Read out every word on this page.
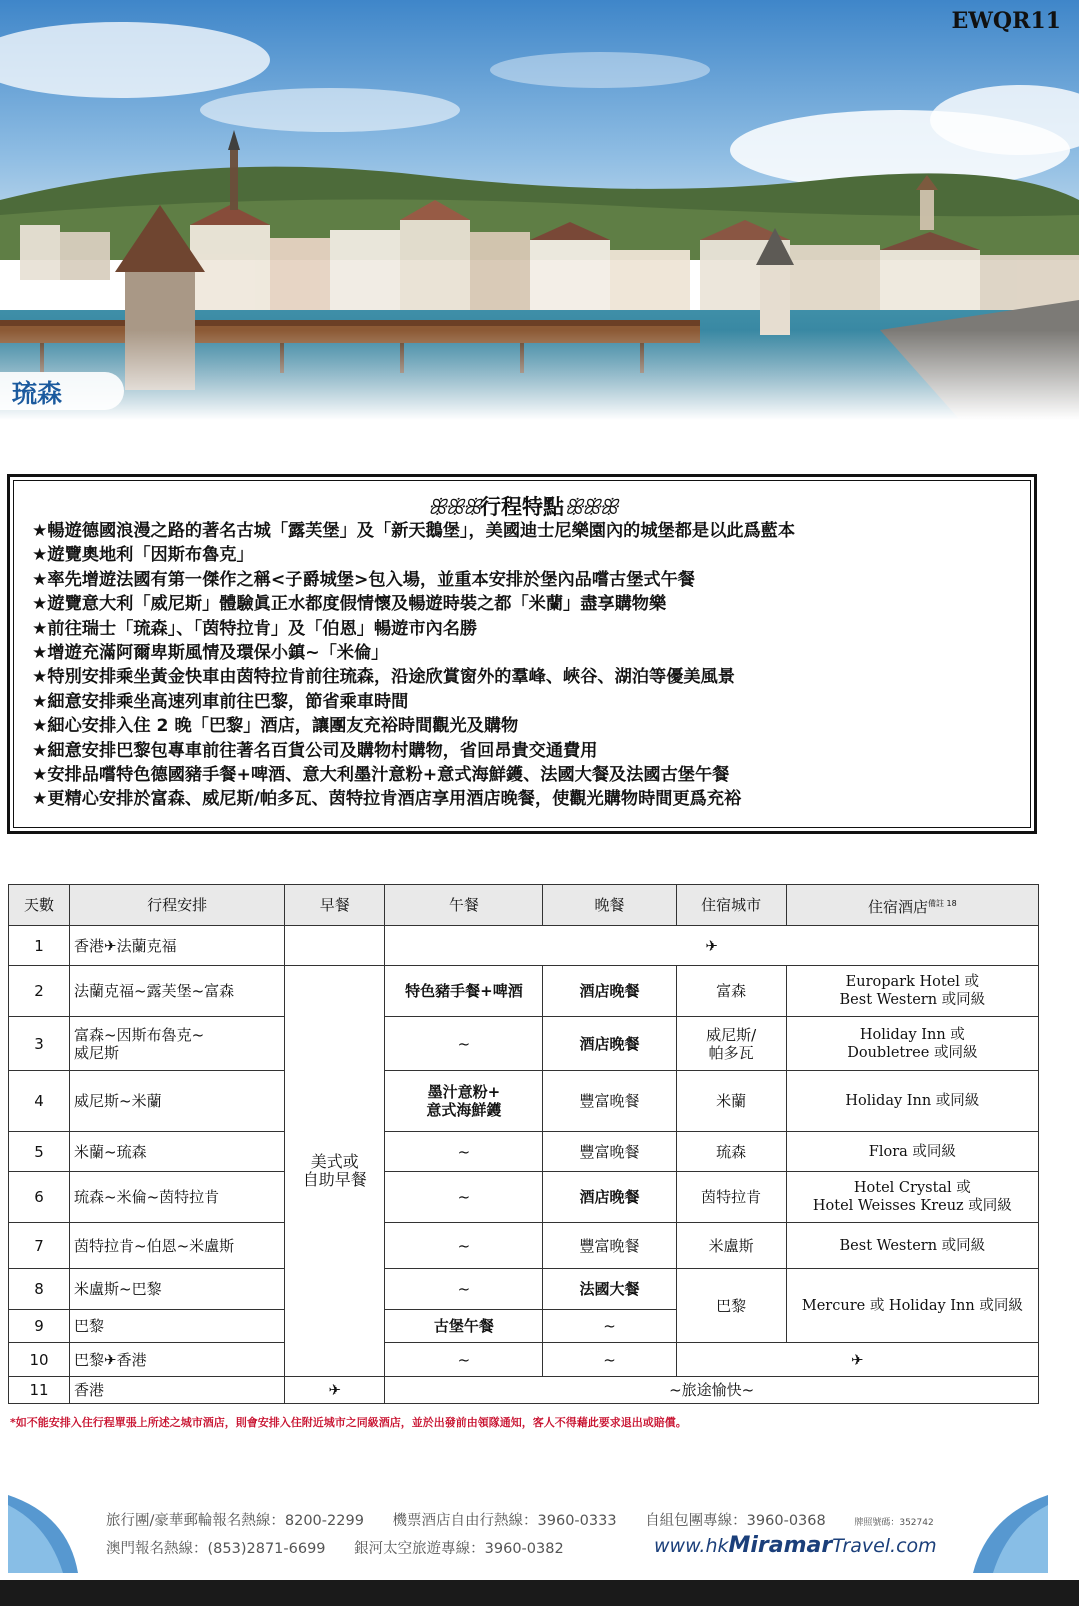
EWQR11
琉森
ꕥꕥꕥ行程特點ꕥꕥꕥ
★暢遊德國浪漫之路的著名古城「露芙堡」及「新天鵝堡」，美國迪士尼樂園內的城堡都是以此爲藍本
★遊覽奧地利「因斯布魯克」
★率先增遊法國有第一傑作之稱<子爵城堡>包入場，並重本安排於堡內品嚐古堡式午餐
★遊覽意大利「威尼斯」體驗眞正水都度假情懷及暢遊時裝之都「米蘭」盡享購物樂
★前往瑞士「琉森」、「茵特拉肯」及「伯恩」暢遊市內名勝
★增遊充滿阿爾卑斯風情及環保小鎮~「米倫」
★特別安排乘坐黃金快車由茵特拉肯前往琉森，沿途欣賞窗外的羣峰、峽谷、湖泊等優美風景
★細意安排乘坐高速列車前往巴黎，節省乘車時間
★細心安排入住 2 晚「巴黎」酒店，讓團友充裕時間觀光及購物
★細意安排巴黎包專車前往著名百貨公司及購物村購物，省回昂貴交通費用
★安排品嚐特色德國豬手餐+啤酒、意大利墨汁意粉+意式海鮮鑊、法國大餐及法國古堡午餐
★更精心安排於富森、威尼斯/帕多瓦、茵特拉肯酒店享用酒店晚餐，使觀光購物時間更爲充裕
天數	行程安排	早餐	午餐	晚餐	住宿城市	住宿酒店$^{備註 18}$
1	香港✈法蘭克福		✈			
2	法蘭克福~露芙堡~富森	美式或
自助早餐	特色豬手餐+啤酒	酒店晚餐	富森	Europark Hotel 或
Best Western 或同級
3	富森~因斯布魯克~
威尼斯		~	酒店晚餐	威尼斯/
帕多瓦	Holiday Inn 或
Doubletree 或同級
4	威尼斯~米蘭		墨汁意粉+
意式海鮮鑊	豐富晚餐	米蘭	Holiday Inn 或同級
5	米蘭~琉森		~	豐富晚餐	琉森	Flora 或同級
6	琉森~米倫~茵特拉肯		~	酒店晚餐	茵特拉肯	Hotel Crystal 或
Hotel Weisses Kreuz 或同級
7	茵特拉肯~伯恩~米盧斯		~	豐富晚餐	米盧斯	Best Western 或同級
8	米盧斯~巴黎		~	法國大餐	巴黎	Mercure 或 Holiday Inn 或同級
9	巴黎		古堡午餐	~		
10	巴黎✈香港		~	~	✈	
11	香港	✈	~旅途愉快~			
*如不能安排入住行程單張上所述之城市酒店，則會安排入住附近城市之同級酒店，並於出發前由領隊通知，客人不得藉此要求退出或賠償。
旅行團/豪華郵輪報名熱線：8200-2299 機票酒店自由行熱線：3960-0333 自組包團專線：3960-0368	牌照號碼：352742
澳門報名熱線：(853)2871-6699 銀河太空旅遊專線：3960-0382	www.hkMiramarTravel.com
